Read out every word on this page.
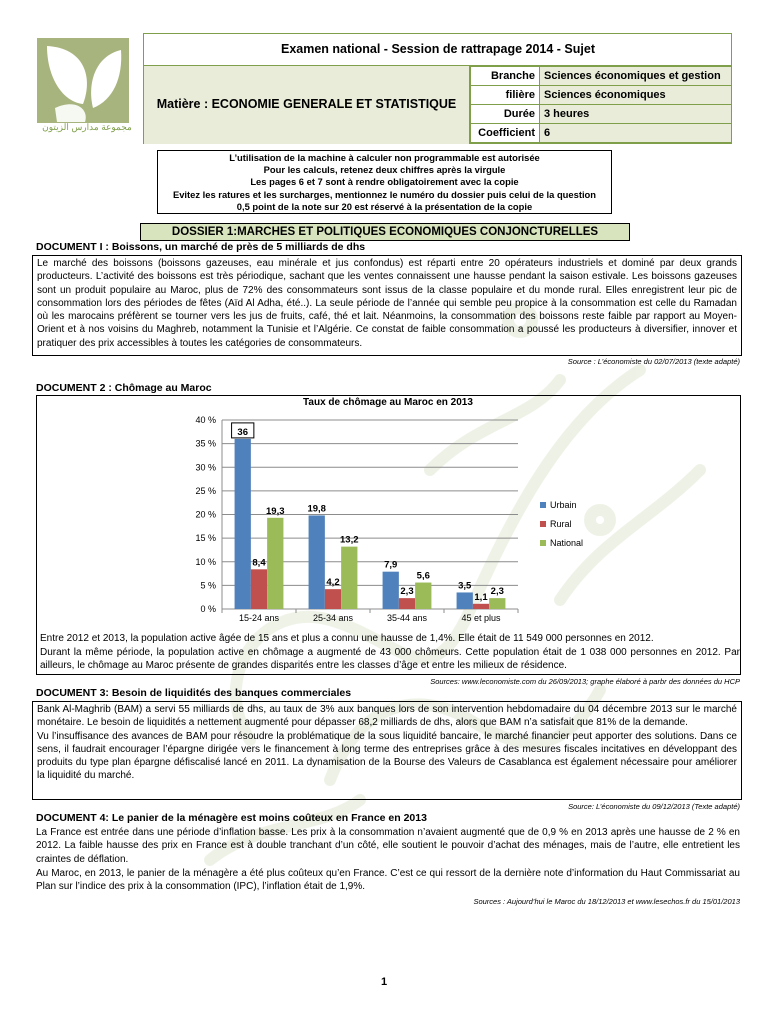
مجموعة مدارس الزيتون
Examen national - Session de rattrapage 2014 - Sujet
Matière : ECONOMIE GENERALE ET STATISTIQUE
Branche	Sciences économiques et gestion
filière	Sciences économiques
Durée	3 heures
Coefficient	6
L’utilisation de la machine à calculer non programmable est autorisée
Pour les calculs, retenez deux chiffres après la virgule
Les pages 6 et 7 sont à rendre obligatoirement avec la copie
Evitez les ratures et les surcharges, mentionnez le numéro du dossier puis celui de la question
0,5 point de la note sur 20 est réservé à la présentation de la copie
DOSSIER 1:MARCHES ET POLITIQUES ECONOMIQUES CONJONCTURELLES
DOCUMENT I : Boissons, un marché de près de 5 milliards de dhs
Le marché des boissons (boissons gazeuses, eau minérale et jus confondus) est réparti entre 20 opérateurs industriels et dominé par deux grands producteurs. L’activité des boissons est très périodique, sachant que les ventes connaissent une hausse pendant la saison estivale. Les boissons gazeuses sont un produit populaire au Maroc, plus de 72% des consommateurs sont issus de la classe populaire et du monde rural. Elles enregistrent leur pic de consommation lors des périodes de fêtes (Aïd Al Adha, été..). La seule période de l’année qui semble peu propice à la consommation est celle du Ramadan où les marocains préfèrent se tourner vers les jus de fruits, café, thé et lait. Néanmoins, la consommation des boissons reste faible par rapport au Moyen-Orient et à nos voisins du Maghreb, notamment la Tunisie et l’Algérie. Ce constat de faible consommation a poussé les producteurs à diversifier, innover et pratiquer des prix accessibles à toutes les catégories de consommateurs.
Source : L’économiste du 02/07/2013 (texte adapté)
DOCUMENT 2 : Chômage au Maroc
Taux de chômage au Maroc en 2013
0 %
5 %
10 %
15 %
20 %
25 %
30 %
35 %
40 %
15-24 ans	25-34 ans	35-44 ans	45 et plus
36
19,8
7,9
3,5
8,4
4,2
2,3
1,1
19,3
13,2
5,6
2,3
Urbain
Rural
National
Entre 2012 et 2013, la population active âgée de 15 ans et plus a connu une hausse de 1,4%. Elle était de 11 549 000 personnes en 2012.
Durant la même période, la population active en chômage a augmenté de 43 000 chômeurs. Cette population était de 1 038 000 personnes en 2012. Par ailleurs, le chômage au Maroc présente de grandes disparités entre les classes d’âge et entre les milieux de résidence.
Sources: www.leconomiste.com du 26/09/2013; graphe élaboré à parbr des données du HCP
DOCUMENT 3: Besoin de liquidités des banques commerciales
Bank Al-Maghrib (BAM) a servi 55 milliards de dhs, au taux de 3% aux banques lors de son intervention hebdomadaire du 04 décembre 2013 sur le marché monétaire. Le besoin de liquidités a nettement augmenté pour dépasser 68,2 milliards de dhs, alors que BAM n’a satisfait que 81% de la demande.
Vu l’insuffisance des avances de BAM pour résoudre la problématique de la sous liquidité bancaire, le marché financier peut apporter des solutions. Dans ce sens, il faudrait encourager l’épargne dirigée vers le financement à long terme des entreprises grâce à des mesures fiscales incitatives en développant des produits du type plan épargne défiscalisé lancé en 2011. La dynamisation de la Bourse des Valeurs de Casablanca est également nécessaire pour améliorer la liquidité du marché.
Source: L’économiste du 09/12/2013 (Texte adapté)
DOCUMENT 4: Le panier de la ménagère est moins coûteux en France en 2013
La France est entrée dans une période d’inflation basse. Les prix à la consommation n’avaient augmenté que de 0,9 % en 2013 après une hausse de 2 % en 2012. La faible hausse des prix en France est à double tranchant d’un côté, elle soutient le pouvoir d’achat des ménages, mais de l’autre, elle entretient les craintes de déflation.
Au Maroc, en 2013, le panier de la ménagère a été plus coûteux qu’en France. C’est ce qui ressort de la dernière note d’information du Haut Commissariat au Plan sur l’indice des prix à la consommation (IPC), l’inflation était de 1,9%.
Sources : Aujourd’hui le Maroc du 18/12/2013 et www.lesechos.fr du 15/01/2013
1
